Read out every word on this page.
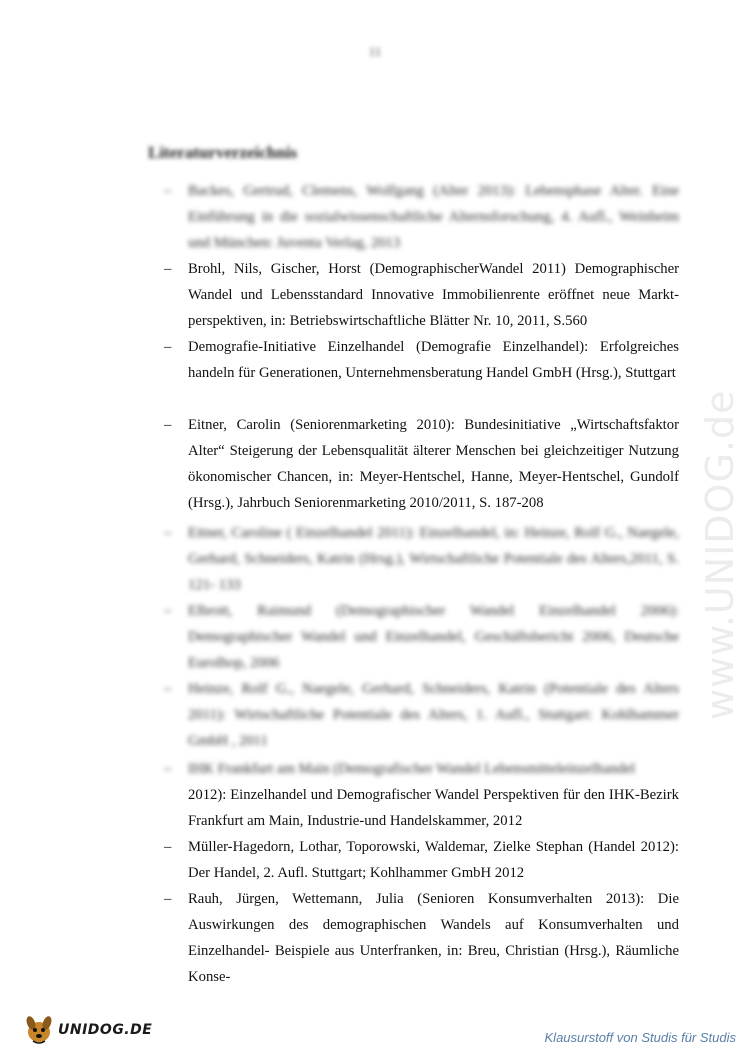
11
Literaturverzeichnis
–	Backes, Gertrud, Clemens, Wolfgang (Alter 2013): Lebensphase Alter. Eine Einführung in die sozialwissenschaftliche Alternsforschung, 4. Aufl., Weinheim und München: Juventa Verlag, 2013
–	Brohl, Nils, Gischer, Horst (DemographischerWandel 2011) Demographischer Wandel und Lebensstandard Innovative Immobilienrente eröffnet neue Markt-perspektiven, in: Betriebswirtschaftliche Blätter Nr. 10, 2011, S.560
–	Demografie-Initiative Einzelhandel (Demografie Einzelhandel): Erfolgreiches handeln für Generationen, Unternehmensberatung Handel GmbH (Hrsg.), Stuttgart
–	Eitner, Carolin (Seniorenmarketing 2010): Bundesinitiative „Wirtschaftsfaktor Alter“ Steigerung der Lebensqualität älterer Menschen bei gleichzeitiger Nutzung ökonomischer Chancen, in: Meyer-Hentschel, Hanne, Meyer-Hentschel, Gundolf (Hrsg.), Jahrbuch Seniorenmarketing 2010/2011, S. 187-208
–	Eitner, Caroline ( Einzelhandel 2011): Einzelhandel, in: Heinze, Rolf G., Naegele, Gerhard, Schneiders, Katrin (Hrsg.), Wirtschaftliche Potentiale des Alters,2011, S. 121- 133
–	Elbrott, Raimund (Demographischer Wandel Einzelhandel 2006): Demographischer Wandel und Einzelhandel, Geschäftsbericht 2006, Deutsche Eurolhop, 2006
–	Heinze, Rolf G., Naegele, Gerhard, Schneiders, Katrin (Potentiale des Alters 2011): Wirtschaftliche Potentiale des Alters, 1. Aufl., Stuttgart: Kohlhammer GmbH , 2011
–	IHK Frankfurt am Main (Demografischer Wandel Lebensmitteleinzelhandel
2012): Einzelhandel und Demografischer Wandel Perspektiven für den IHK-Bezirk Frankfurt am Main, Industrie-und Handelskammer, 2012
–	Müller-Hagedorn, Lothar, Toporowski, Waldemar, Zielke Stephan (Handel 2012): Der Handel, 2. Aufl. Stuttgart; Kohlhammer GmbH 2012
–	Rauh, Jürgen, Wettemann, Julia (Senioren Konsumverhalten 2013): Die Auswirkungen des demographischen Wandels auf Konsumverhalten und Einzelhandel- Beispiele aus Unterfranken, in: Breu, Christian (Hrsg.), Räumliche Konse-
www.UNIDOG.de
UNIDOG.DE	Klausurstoff von Studis für Studis
